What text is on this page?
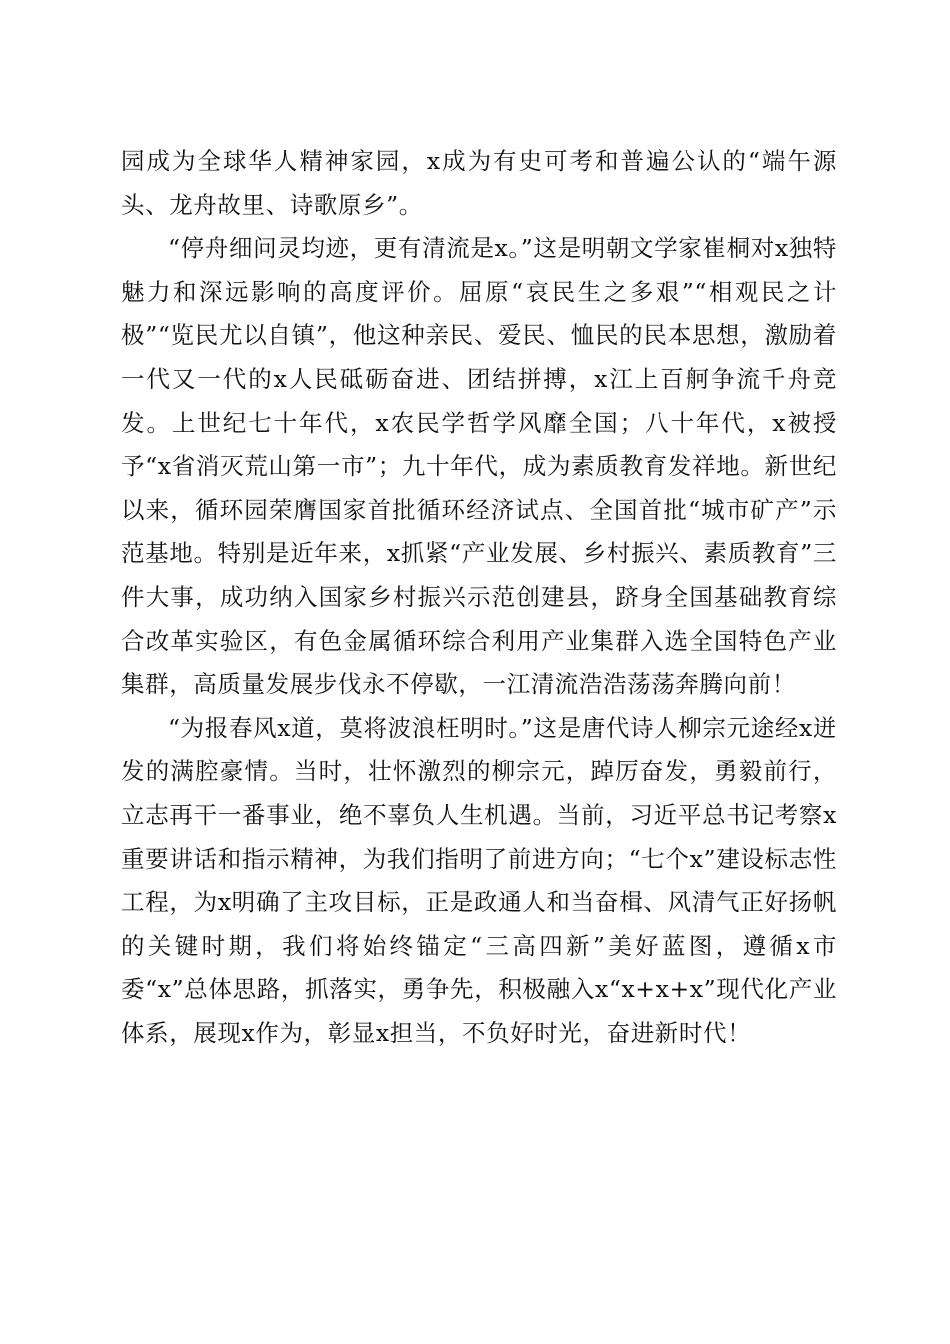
园成为全球华人精神家园，x成为有史可考和普遍公认的“端午源头、龙舟故里、诗歌原乡”。

“停舟细问灵均迹，更有清流是x。”这是明朝文学家崔桐对x独特魅力和深远影响的高度评价。屈原“哀民生之多艰”“相观民之计极”“览民尤以自镇”，他这种亲民、爱民、恤民的民本思想，激励着一代又一代的x人民砥砺奋进、团结拼搏，x江上百舸争流千舟竞发。上世纪七十年代，x农民学哲学风靡全国；八十年代，x被授予“x省消灭荒山第一市”；九十年代，成为素质教育发祥地。新世纪以来，循环园荣膺国家首批循环经济试点、全国首批“城市矿产”示范基地。特别是近年来，x抓紧“产业发展、乡村振兴、素质教育”三件大事，成功纳入国家乡村振兴示范创建县，跻身全国基础教育综合改革实验区，有色金属循环综合利用产业集群入选全国特色产业集群，高质量发展步伐永不停歇，一江清流浩浩荡荡奔腾向前！

“为报春风x道，莫将波浪枉明时。”这是唐代诗人柳宗元途经x迸发的满腔豪情。当时，壮怀激烈的柳宗元，踔厉奋发，勇毅前行，立志再干一番事业，绝不辜负人生机遇。当前，习近平总书记考察x重要讲话和指示精神，为我们指明了前进方向；“七个x”建设标志性工程，为x明确了主攻目标，正是政通人和当奋楫、风清气正好扬帆的关键时期，我们将始终锚定“三高四新”美好蓝图，遵循x市委“x”总体思路，抓落实，勇争先，积极融入x“x+x+x”现代化产业体系，展现x作为，彰显x担当，不负好时光，奋进新时代！
